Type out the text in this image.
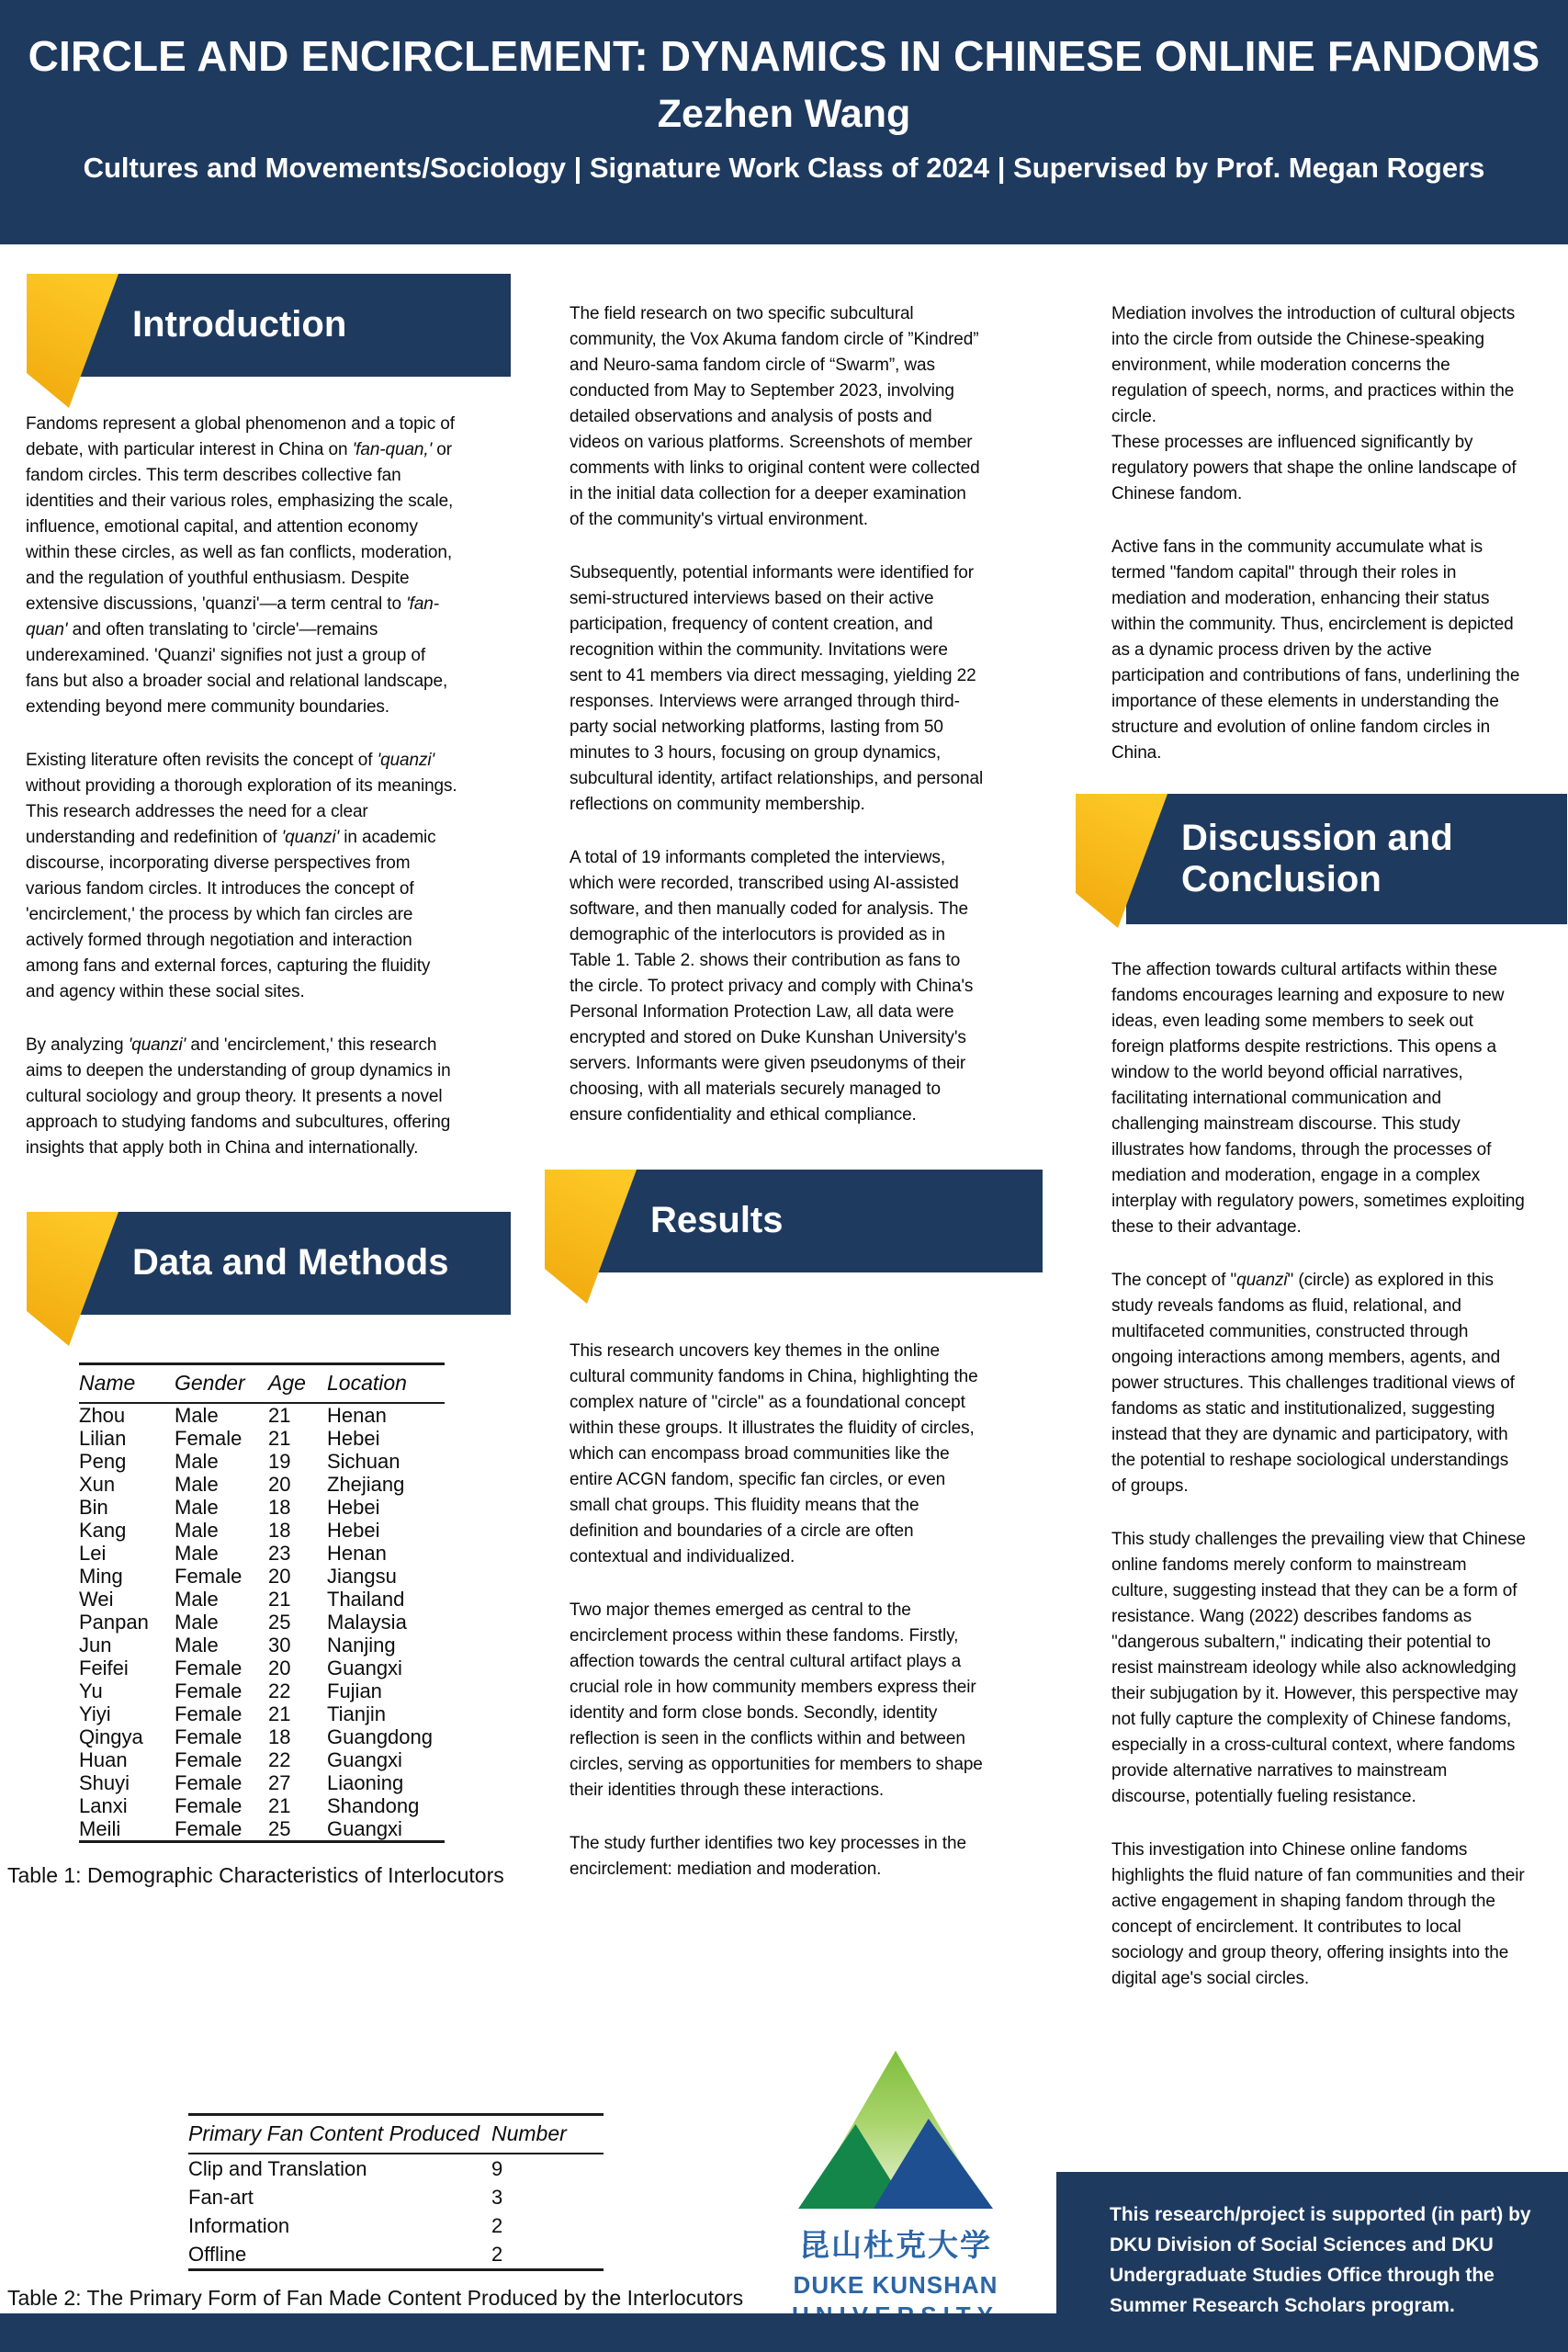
CIRCLE AND ENCIRCLEMENT: DYNAMICS IN CHINESE ONLINE FANDOMS
Zezhen Wang
Cultures and Movements/Sociology | Signature Work Class of 2024 | Supervised by Prof. Megan Rogers
Introduction

Fandoms represent a global phenomenon and a topic of debate, with particular interest in China on 'fan-quan,' or fandom circles. This term describes collective fan identities and their various roles, emphasizing the scale, influence, emotional capital, and attention economy within these circles, as well as fan conflicts, moderation, and the regulation of youthful enthusiasm. Despite extensive discussions, 'quanzi'—a term central to 'fan-quan' and often translating to 'circle'—remains underexamined. 'Quanzi' signifies not just a group of fans but also a broader social and relational landscape, extending beyond mere community boundaries.

Existing literature often revisits the concept of 'quanzi' without providing a thorough exploration of its meanings. This research addresses the need for a clear understanding and redefinition of 'quanzi' in academic discourse, incorporating diverse perspectives from various fandom circles. It introduces the concept of 'encirclement,' the process by which fan circles are actively formed through negotiation and interaction among fans and external forces, capturing the fluidity and agency within these social sites.

By analyzing 'quanzi' and 'encirclement,' this research aims to deepen the understanding of group dynamics in cultural sociology and group theory. It presents a novel approach to studying fandoms and subcultures, offering insights that apply both in China and internationally.

Data and Methods
Name	Gender	Age	Location
Zhou	Male	21	Henan
Lilian	Female	21	Hebei
Peng	Male	19	Sichuan
Xun	Male	20	Zhejiang
Bin	Male	18	Hebei
Kang	Male	18	Hebei
Lei	Male	23	Henan
Ming	Female	20	Jiangsu
Wei	Male	21	Thailand
Panpan	Male	25	Malaysia
Jun	Male	30	Nanjing
Feifei	Female	20	Guangxi
Yu	Female	22	Fujian
Yiyi	Female	21	Tianjin
Qingya	Female	18	Guangdong
Huan	Female	22	Guangxi
Shuyi	Female	27	Liaoning
Lanxi	Female	21	Shandong
Meili	Female	25	Guangxi
Table 1: Demographic Characteristics of Interlocutors

The field research on two specific subcultural community, the Vox Akuma fandom circle of ”Kindred” and Neuro-sama fandom circle of “Swarm”, was conducted from May to September 2023, involving detailed observations and analysis of posts and videos on various platforms. Screenshots of member comments with links to original content were collected in the initial data collection for a deeper examination of the community's virtual environment.

Subsequently, potential informants were identified for semi-structured interviews based on their active participation, frequency of content creation, and recognition within the community. Invitations were sent to 41 members via direct messaging, yielding 22 responses. Interviews were arranged through third-party social networking platforms, lasting from 50 minutes to 3 hours, focusing on group dynamics, subcultural identity, artifact relationships, and personal reflections on community membership.

A total of 19 informants completed the interviews, which were recorded, transcribed using AI-assisted software, and then manually coded for analysis. The demographic of the interlocutors is provided as in Table 1. Table 2. shows their contribution as fans to the circle. To protect privacy and comply with China's Personal Information Protection Law, all data were encrypted and stored on Duke Kunshan University's servers. Informants were given pseudonyms of their choosing, with all materials securely managed to ensure confidentiality and ethical compliance.

Results

This research uncovers key themes in the online cultural community fandoms in China, highlighting the complex nature of "circle" as a foundational concept within these groups. It illustrates the fluidity of circles, which can encompass broad communities like the entire ACGN fandom, specific fan circles, or even small chat groups. This fluidity means that the definition and boundaries of a circle are often contextual and individualized.

Two major themes emerged as central to the encirclement process within these fandoms. Firstly, affection towards the central cultural artifact plays a crucial role in how community members express their identity and form close bonds. Secondly, identity reflection is seen in the conflicts within and between circles, serving as opportunities for members to shape their identities through these interactions.

The study further identifies two key processes in the encirclement: mediation and moderation.

Mediation involves the introduction of cultural objects into the circle from outside the Chinese-speaking environment, while moderation concerns the regulation of speech, norms, and practices within the circle.
These processes are influenced significantly by regulatory powers that shape the online landscape of Chinese fandom.

Active fans in the community accumulate what is termed "fandom capital" through their roles in mediation and moderation, enhancing their status within the community. Thus, encirclement is depicted as a dynamic process driven by the active participation and contributions of fans, underlining the importance of these elements in understanding the structure and evolution of online fandom circles in China.

Discussion and Conclusion

The affection towards cultural artifacts within these fandoms encourages learning and exposure to new ideas, even leading some members to seek out foreign platforms despite restrictions. This opens a window to the world beyond official narratives, facilitating international communication and challenging mainstream discourse. This study illustrates how fandoms, through the processes of mediation and moderation, engage in a complex interplay with regulatory powers, sometimes exploiting these to their advantage.

The concept of "quanzi" (circle) as explored in this study reveals fandoms as fluid, relational, and multifaceted communities, constructed through ongoing interactions among members, agents, and power structures. This challenges traditional views of fandoms as static and institutionalized, suggesting instead that they are dynamic and participatory, with the potential to reshape sociological understandings of groups.

This study challenges the prevailing view that Chinese online fandoms merely conform to mainstream culture, suggesting instead that they can be a form of resistance. Wang (2022) describes fandoms as "dangerous subaltern," indicating their potential to resist mainstream ideology while also acknowledging their subjugation by it. However, this perspective may not fully capture the complexity of Chinese fandoms, especially in a cross-cultural context, where fandoms provide alternative narratives to mainstream discourse, potentially fueling resistance.

This investigation into Chinese online fandoms highlights the fluid nature of fan communities and their active engagement in shaping fandom through the concept of encirclement. It contributes to local sociology and group theory, offering insights into the digital age's social circles.

Primary Fan Content Produced	Number
Clip and Translation	9
Fan-art	3
Information	2
Offline	2
Table 2: The Primary Form of Fan Made Content Produced by the Interlocutors
昆山杜克大学
DUKE KUNSHAN
This research/project is supported (in part) by DKU Division of Social Sciences and DKU Undergraduate Studies Office through the Summer Research Scholars program.
